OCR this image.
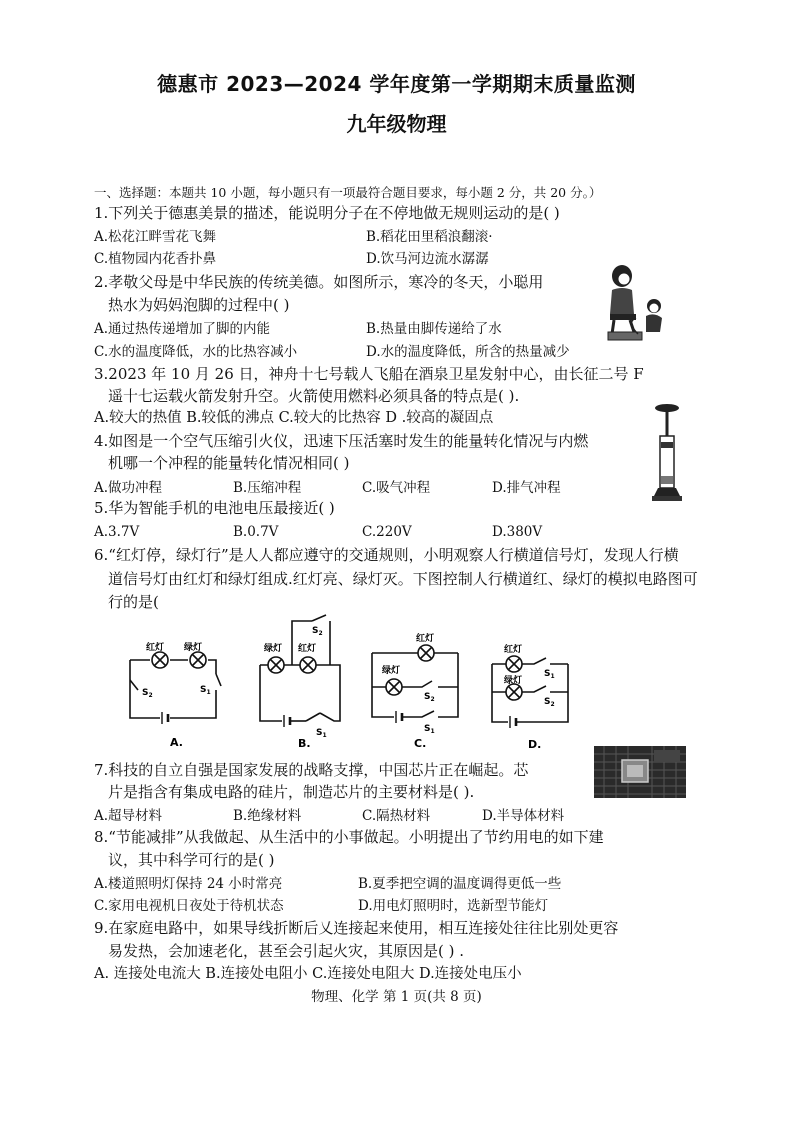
德惠市 2023—2024 学年度第一学期期末质量监测
九年级物理
一、选择题：本题共 10 小题，每小题只有一项最符合题目要求，每小题 2 分，共 20 分。）
1.下列关于德惠美景的描述，能说明分子在不停地做无规则运动的是( )
A.松花江畔雪花飞舞	B.稻花田里稻浪翻滚·
C.植物园内花香扑鼻	D.饮马河边流水潺潺
2.孝敬父母是中华民族的传统美德。如图所示，寒冷的冬天，小聪用
热水为妈妈泡脚的过程中( )
A.通过热传递增加了脚的内能	B.热量由脚传递给了水
C.水的温度降低，水的比热容减小	D.水的温度降低，所含的热量减少
3.2023 年 10 月 26 日，神舟十七号载人飞船在酒泉卫星发射中心，由长征二号 F
遥十七运载火箭发射升空。火箭使用燃料必须具备的特点是( ).
A.较大的热值 B.较低的沸点 C.较大的比热容 D .较高的凝固点
4.如图是一个空气压缩引火仪，迅速下压活塞时发生的能量转化情况与内燃
机哪一个冲程的能量转化情况相同( )
A.做功冲程	B.压缩冲程	C.吸气冲程	D.排气冲程
5.华为智能手机的电池电压最接近( )
A.3.7V	B.0.7V	C.220V	D.380V
6.“红灯停，绿灯行”是人人都应遵守的交通规则，小明观察人行横道信号灯，发现人行横
道信号灯由红灯和绿灯组成.红灯亮、绿灯灭。下图控制人行横道红、绿灯的模拟电路图可
行的是(
红灯 绿灯
$S_2$
$S_1$
A.
绿灯 红灯
$S_2$
$S_1$
B.
红灯
绿灯
$S_2$
$S_1$
C.
红灯
绿灯
$S_1$
$S_2$
D.
7.科技的自立自强是国家发展的战略支撑，中国芯片正在崛起。芯
片是指含有集成电路的硅片，制造芯片的主要材料是( ).
A.超导材料	B.绝缘材料	C.隔热材料	D.半导体材料
8.“节能减排”从我做起、从生活中的小事做起。小明提出了节约用电的如下建
议，其中科学可行的是( )
A.楼道照明灯保持 24 小时常亮	B.夏季把空调的温度调得更低一些
C.家用电视机日夜处于待机状态	D.用电灯照明时，选新型节能灯
9.在家庭电路中，如果导线折断后乂连接起来使用，相互连接处往往比别处更容
易发热，会加速老化，甚至会引起火灾，其原因是( ) .
A. 连接处电流大 B.连接处电阻小 C.连接处电阻大 D.连接处电压小
物理、化学 第 1 页(共 8 页)
